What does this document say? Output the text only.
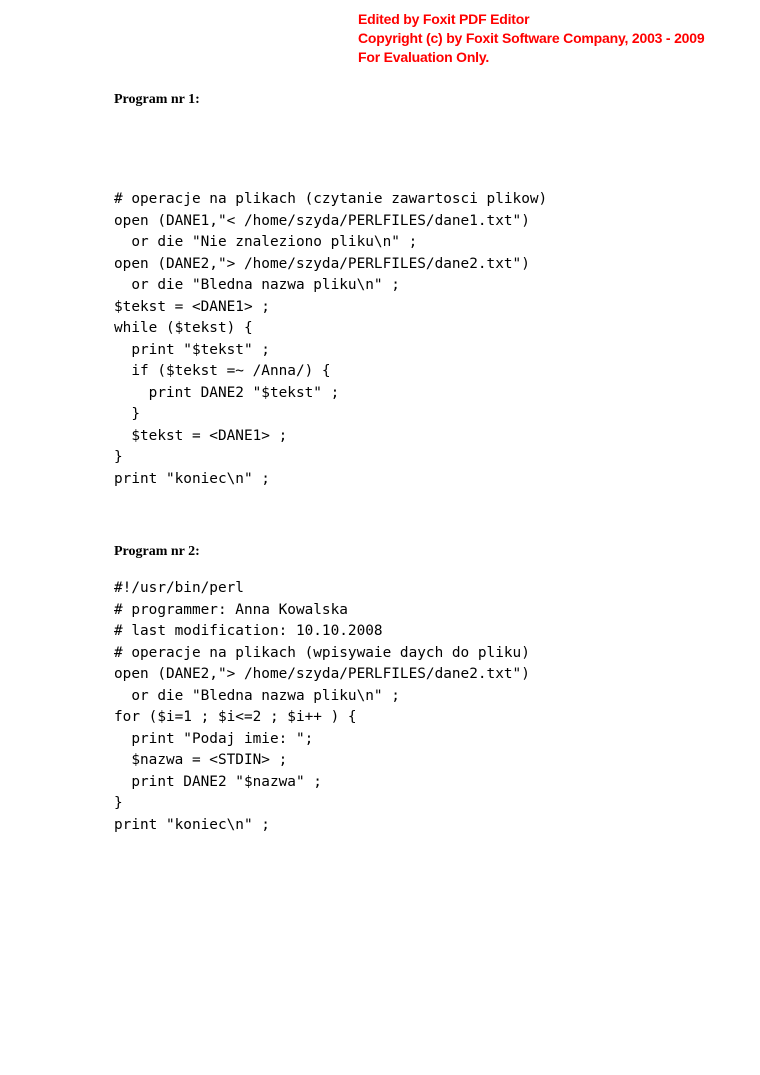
Edited by Foxit PDF Editor
Copyright (c) by Foxit Software Company, 2003 - 2009
For Evaluation Only.
Program nr 1:
# operacje na plikach (czytanie zawartosci plikow)
open (DANE1,"< /home/szyda/PERLFILES/dane1.txt")
or die "Nie znaleziono pliku\n" ;
open (DANE2,"> /home/szyda/PERLFILES/dane2.txt")
or die "Bledna nazwa pliku\n" ;
$tekst = <DANE1> ;
while ($tekst) {
print "$tekst" ;
if ($tekst =~ /Anna/) {
print DANE2 "$tekst" ;
}
$tekst = <DANE1> ;
}
print "koniec\n" ;
Program nr 2:
#!/usr/bin/perl
# programmer: Anna Kowalska
# last modification: 10.10.2008
# operacje na plikach (wpisywaie daych do pliku)
open (DANE2,"> /home/szyda/PERLFILES/dane2.txt")
or die "Bledna nazwa pliku\n" ;
for ($i=1 ; $i<=2 ; $i++ ) {
print "Podaj imie: ";
$nazwa = <STDIN> ;
print DANE2 "$nazwa" ;
}
print "koniec\n" ;
